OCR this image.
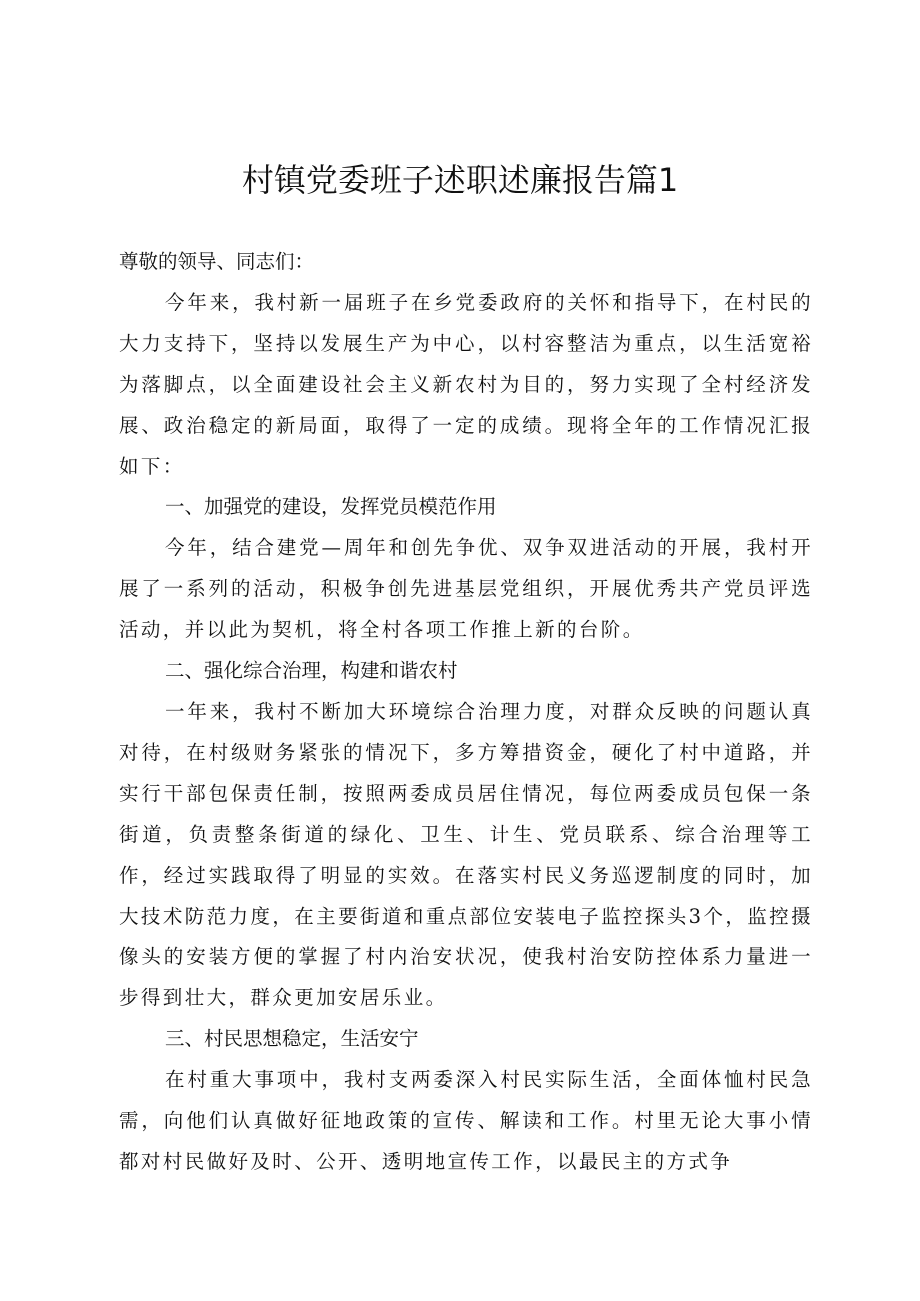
村镇党委班子述职述廉报告篇1

尊敬的领导、同志们：

今年来，我村新一届班子在乡党委政府的关怀和指导下，在村民的大力支持下，坚持以发展生产为中心，以村容整洁为重点，以生活宽裕为落脚点，以全面建设社会主义新农村为目的，努力实现了全村经济发展、政治稳定的新局面，取得了一定的成绩。现将全年的工作情况汇报如下：

一、加强党的建设，发挥党员模范作用

今年，结合建党—周年和创先争优、双争双进活动的开展，我村开展了一系列的活动，积极争创先进基层党组织，开展优秀共产党员评选活动，并以此为契机，将全村各项工作推上新的台阶。

二、强化综合治理，构建和谐农村

一年来，我村不断加大环境综合治理力度，对群众反映的问题认真对待，在村级财务紧张的情况下，多方筹措资金，硬化了村中道路，并实行干部包保责任制，按照两委成员居住情况，每位两委成员包保一条街道，负责整条街道的绿化、卫生、计生、党员联系、综合治理等工作，经过实践取得了明显的实效。在落实村民义务巡逻制度的同时，加大技术防范力度，在主要街道和重点部位安装电子监控探头3个，监控摄像头的安装方便的掌握了村内治安状况，使我村治安防控体系力量进一步得到壮大，群众更加安居乐业。

三、村民思想稳定，生活安宁

在村重大事项中，我村支两委深入村民实际生活，全面体恤村民急需，向他们认真做好征地政策的宣传、解读和工作。村里无论大事小情都对村民做好及时、公开、透明地宣传工作，以最民主的方式争
